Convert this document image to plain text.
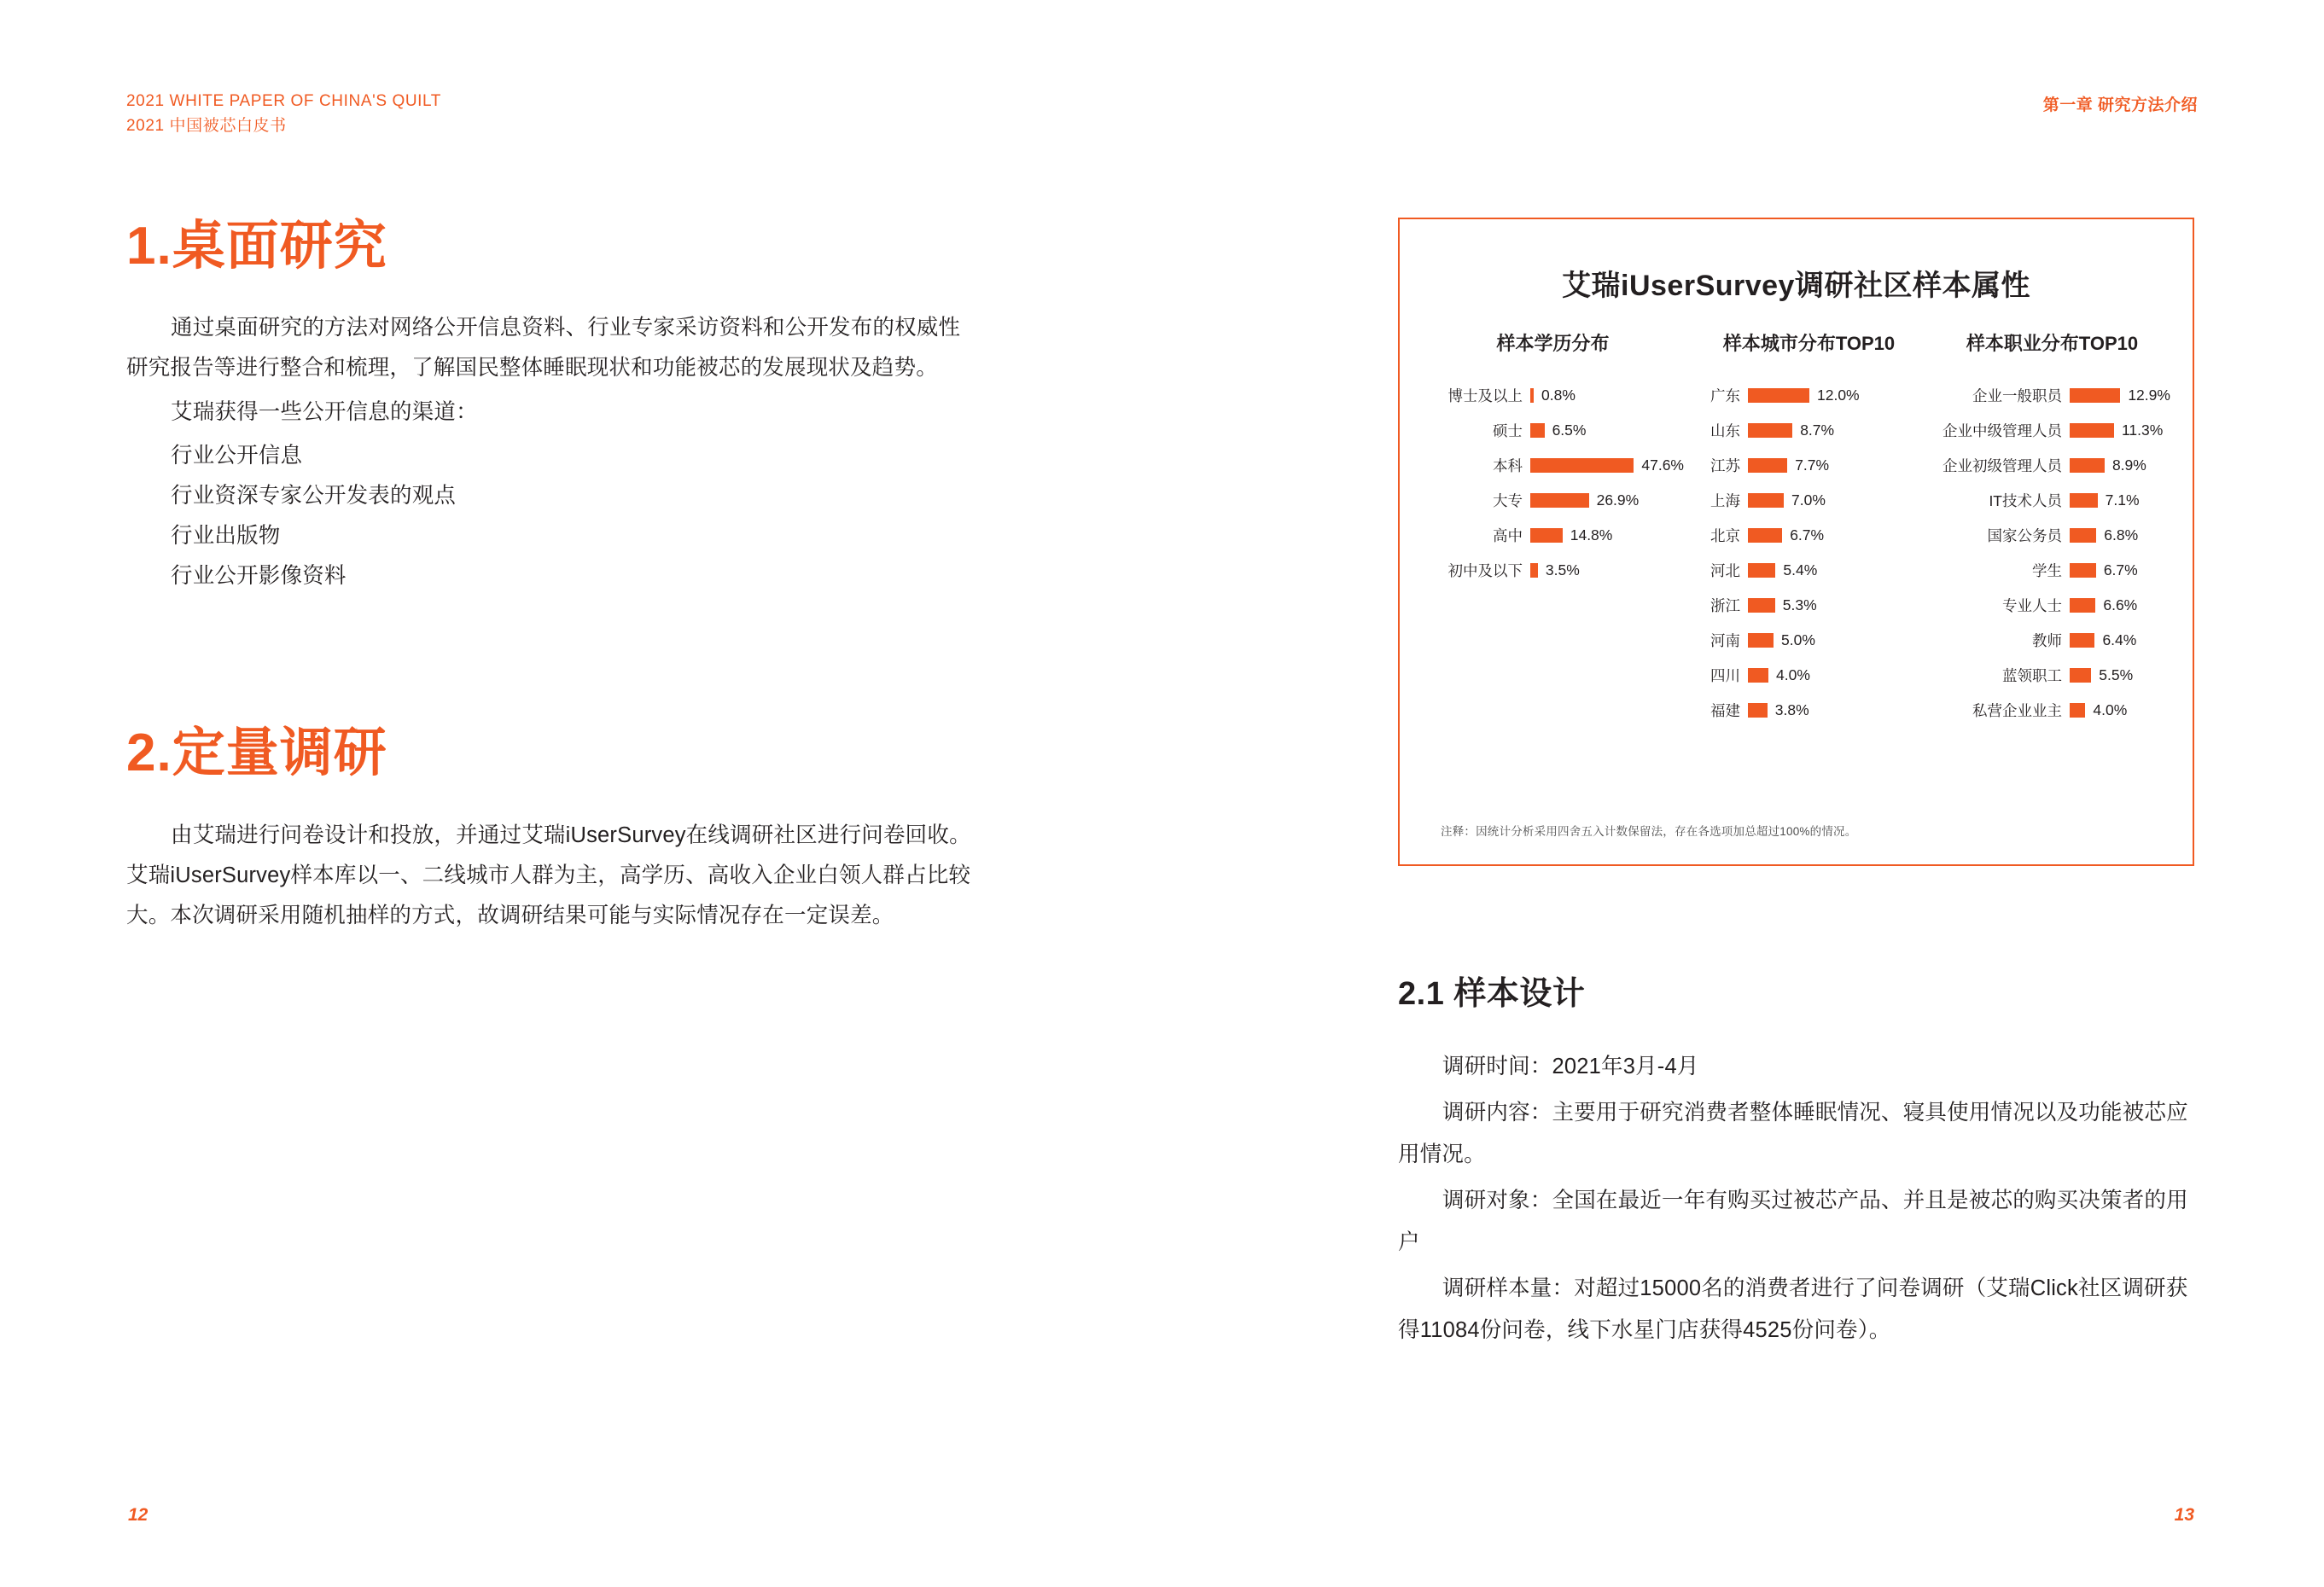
2021 WHITE PAPER OF CHINA'S QUILT
2021 中国被芯白皮书
第一章 研究方法介绍
1.桌面研究

通过桌面研究的方法对网络公开信息资料、行业专家采访资料和公开发布的权威性研究报告等进行整合和梳理，了解国民整体睡眠现状和功能被芯的发展现状及趋势。

艾瑞获得一些公开信息的渠道：

行业公开信息

行业资深专家公开发表的观点

行业出版物

行业公开影像资料

2.定量调研

由艾瑞进行问卷设计和投放，并通过艾瑞iUserSurvey在线调研社区进行问卷回收。艾瑞iUserSurvey样本库以一、二线城市人群为主，高学历、高收入企业白领人群占比较大。本次调研采用随机抽样的方式，故调研结果可能与实际情况存在一定误差。

艾瑞iUserSurvey调研社区样本属性
样本学历分布
博士及以上	0.8%
硕士	6.5%
本科	47.6%
大专	26.9%
高中	14.8%
初中及以下	3.5%
样本城市分布TOP10
广东	12.0%
山东	8.7%
江苏	7.7%
上海	7.0%
北京	6.7%
河北	5.4%
浙江	5.3%
河南	5.0%
四川	4.0%
福建	3.8%
样本职业分布TOP10
企业一般职员	12.9%
企业中级管理人员	11.3%
企业初级管理人员	8.9%
IT技术人员	7.1%
国家公务员	6.8%
学生	6.7%
专业人士	6.6%
教师	6.4%
蓝领职工	5.5%
私营企业业主	4.0%
注释：因统计分析采用四舍五入计数保留法，存在各选项加总超过100%的情况。
2.1 样本设计

调研时间：2021年3月-4月

调研内容：主要用于研究消费者整体睡眠情况、寝具使用情况以及功能被芯应用情况。

调研对象：全国在最近一年有购买过被芯产品、并且是被芯的购买决策者的用户

调研样本量：对超过15000名的消费者进行了问卷调研（艾瑞Click社区调研获得11084份问卷，线下水星门店获得4525份问卷）。

12	13
